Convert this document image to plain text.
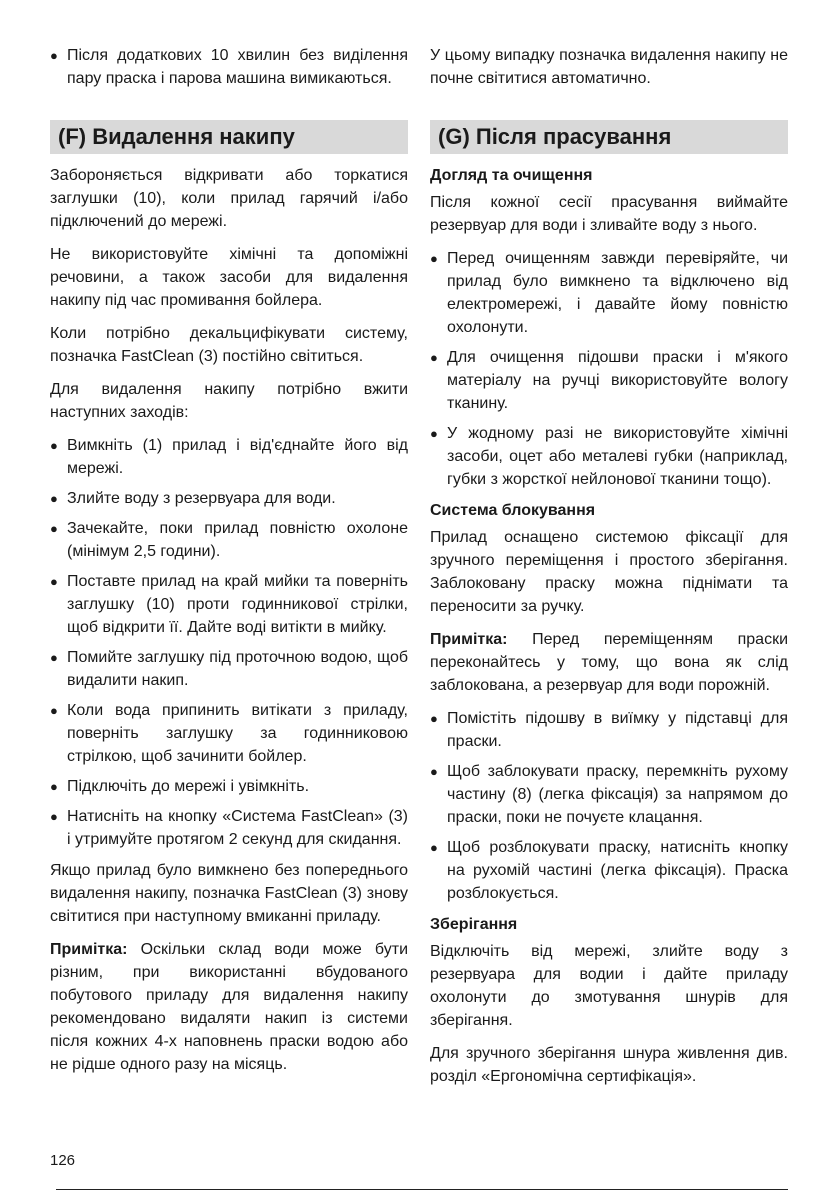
● Після додаткових 10 хвилин без виділення пару праска і парова машина вимикаються.
(F) Видалення накипу

Забороняється відкривати або торкатися заглушки (10), коли прилад гарячий і/або підключений до мережі.

Не використовуйте хімічні та допоміжні речовини, а також засоби для видалення накипу під час промивання бойлера.

Коли потрібно декальцифікувати систему, позначка FastClean (3) постійно світиться.

Для видалення накипу потрібно вжити наступних заходів:

● Вимкніть (1) прилад і від'єднайте його від мережі.
● Злийте воду з резервуара для води.
● Зачекайте, поки прилад повністю охолоне (мінімум 2,5 години).
● Поставте прилад на край мийки та поверніть заглушку (10) проти годинникової стрілки, щоб відкрити її. Дайте воді витікти в мийку.
● Помийте заглушку під проточною водою, щоб видалити накип.
● Коли вода припинить витікати з приладу, поверніть заглушку за годинниковою стрілкою, щоб зачинити бойлер.
● Підключіть до мережі і увімкніть.
● Натисніть на кнопку «Система FastClean» (3) і утримуйте протягом 2 секунд для скидання.

Якщо прилад було вимкнено без попереднього видалення накипу, позначка FastClean (3) знову світитися при наступному вмиканні приладу.

Примітка: Оскільки склад води може бути різним, при використанні вбудованого побутового приладу для видалення накипу рекомендовано видаляти накип із системи після кожних 4-х наповнень праски водою або не рідше одного разу на місяць.

У цьому випадку позначка видалення накипу не почне світитися автоматично.

(G) Після прасування
Догляд та очищення

Після кожної сесії прасування виймайте резервуар для води і зливайте воду з нього.

● Перед очищенням завжди перевіряйте, чи прилад було вимкнено та відключено від електромережі, і давайте йому повністю охолонути.
● Для очищення підошви праски і м'якого матеріалу на ручці використовуйте вологу тканину.
● У жодному разі не використовуйте хімічні засоби, оцет або металеві губки (наприклад, губки з жорсткої нейлонової тканини тощо).
Система блокування

Прилад оснащено системою фіксації для зручного переміщення і простого зберігання. Заблоковану праску можна піднімати та переносити за ручку.

Примітка: Перед переміщенням праски переконайтесь у тому, що вона як слід заблокована, а резервуар для води порожній.

● Помістіть підошву в виїмку у підставці для праски.
● Щоб заблокувати праску, перемкніть рухому частину (8) (легка фіксація) за напрямом до праски, поки не почуєте клацання.
● Щоб розблокувати праску, натисніть кнопку на рухомій частині (легка фіксація). Праска розблокується.
Зберігання

Відключіть від мережі, злийте воду з резервуара для водии і дайте приладу охолонути до змотування шнурів для зберігання.

Для зручного зберігання шнура живлення див. розділ «Ергономічна сертифікація».

126
